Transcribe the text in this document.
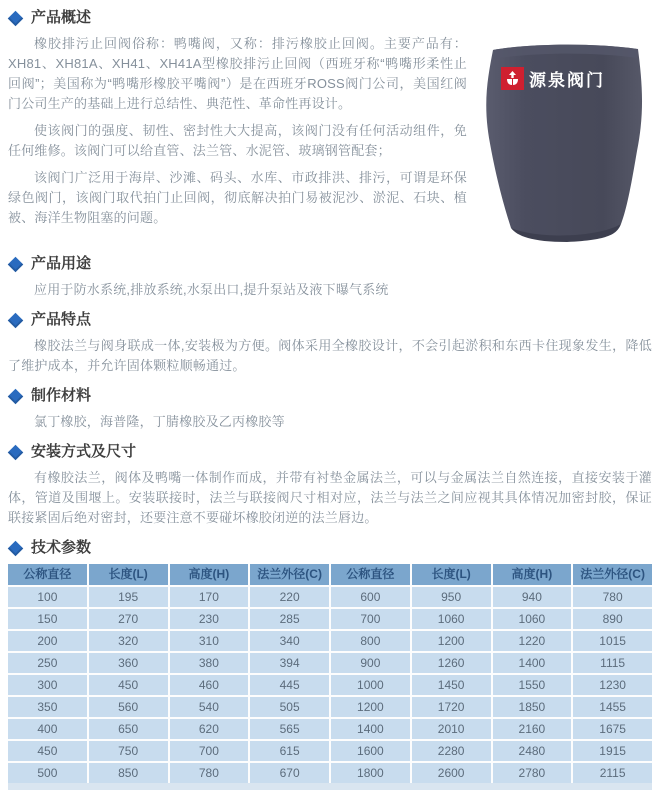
产品概述
源泉阀门

橡胶排污止回阀俗称：鸭嘴阀，又称：排污橡胶止回阀。主要产品有：XH81、XH81A、XH41、XH41A型橡胶排污止回阀（西班牙称“鸭嘴形柔性止回阀”；美国称为“鸭嘴形橡胶平嘴阀”）是在西班牙ROSS阀门公司，美国红阀门公司生产的基础上进行总结性、典范性、革命性再设计。

使该阀门的强度、韧性、密封性大大提高，该阀门没有任何活动组件，免任何维修。该阀门可以给直管、法兰管、水泥管、玻璃钢管配套；

该阀门广泛用于海岸、沙滩、码头、水库、市政排洪、排污，可谓是环保绿色阀门，该阀门取代拍门止回阀，彻底解决拍门易被泥沙、淤泥、石块、植被、海洋生物阻塞的问题。

产品用途

应用于防水系统,排放系统,水泵出口,提升泵站及液下曝气系统

产品特点

橡胶法兰与阀身联成一体,安装极为方便。阀体采用全橡胶设计，不会引起淤积和东西卡住现象发生，降低了维护成本，并允许固体颗粒顺畅通过。

制作材料

氯丁橡胶，海普隆，丁腈橡胶及乙丙橡胶等

安装方式及尺寸

有橡胶法兰，阀体及鸭嘴一体制作而成，并带有衬垫金属法兰，可以与金属法兰自然连接，直接安装于灌体，管道及围堰上。安装联接时，法兰与联接阀尺寸相对应，法兰与法兰之间应视其具体情况加密封胶，保证联接紧固后绝对密封，还要注意不要碰坏橡胶闭逆的法兰唇边。

技术参数
公称直径	长度(L)	高度(H)	法兰外径(C)	公称直径	长度(L)	高度(H)	法兰外径(C)
100	195	170	220	600	950	940	780
150	270	230	285	700	1060	1060	890
200	320	310	340	800	1200	1220	1015
250	360	380	394	900	1260	1400	1115
300	450	460	445	1000	1450	1550	1230
350	560	540	505	1200	1720	1850	1455
400	650	620	565	1400	2010	2160	1675
450	750	700	615	1600	2280	2480	1915
500	850	780	670	1800	2600	2780	2115
